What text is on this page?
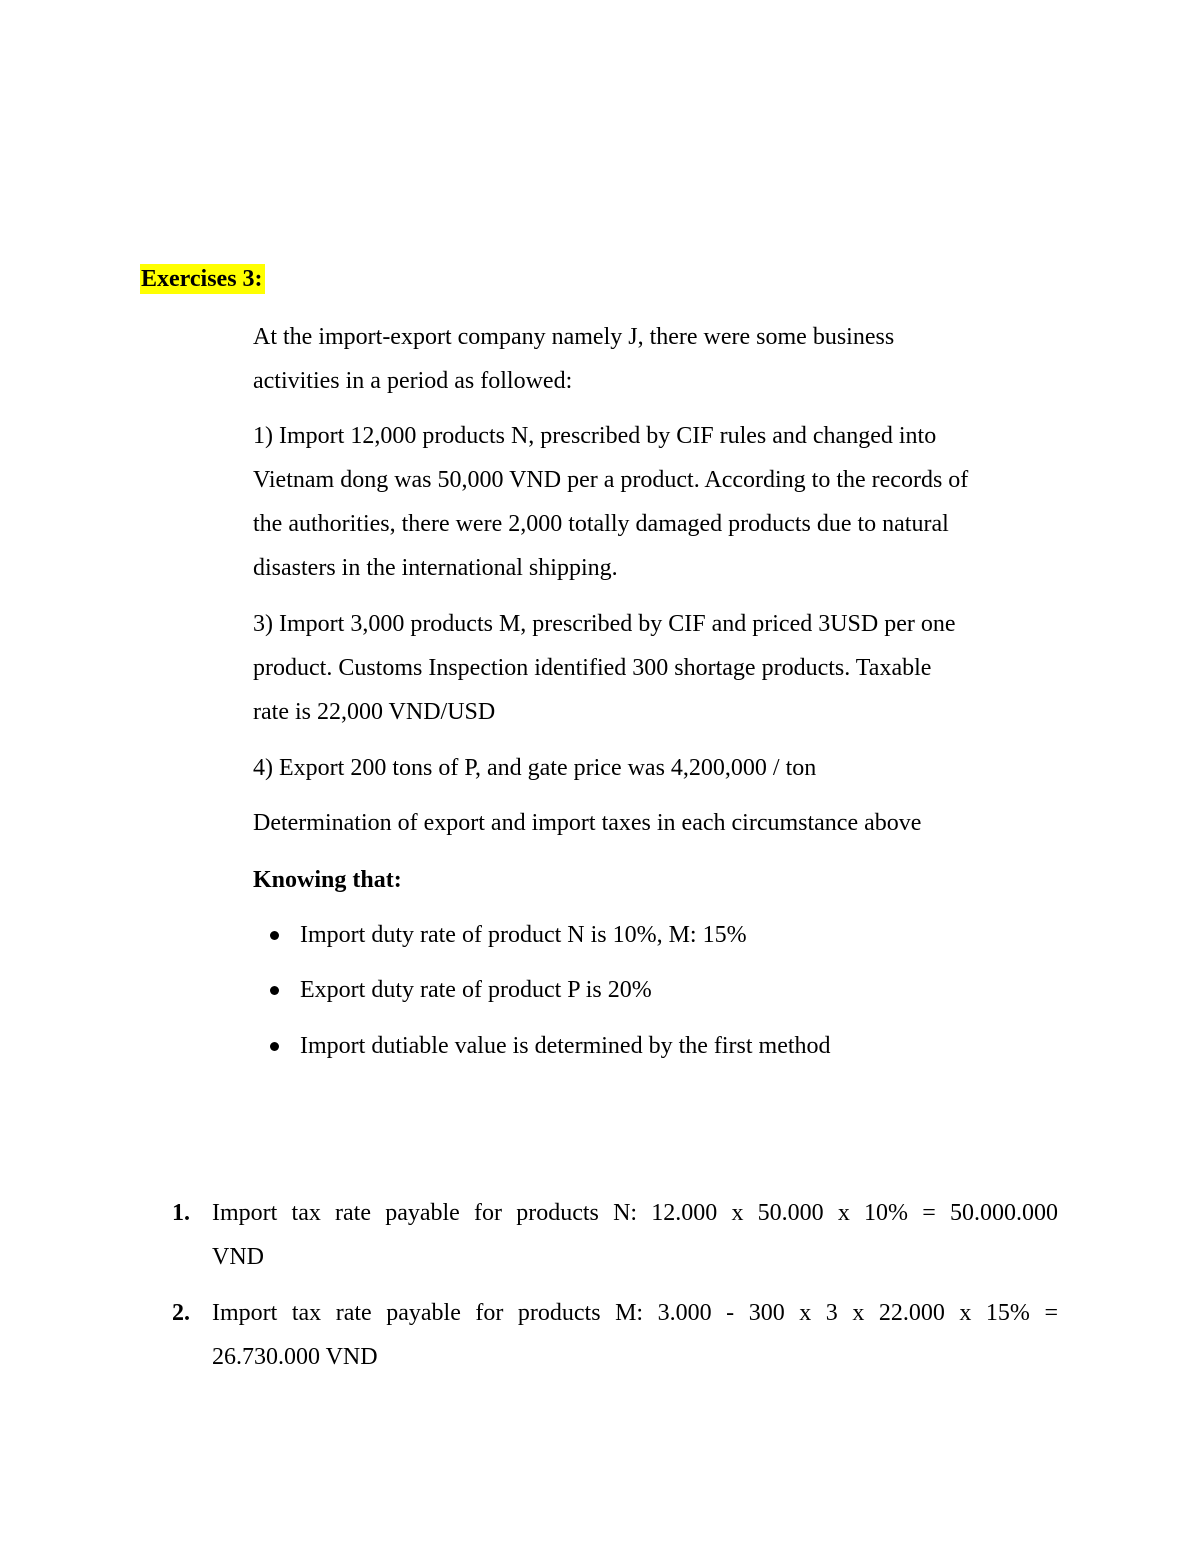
Exercises 3:
At the import-export company namely J, there were some business
activities in a period as followed:
1) Import 12,000 products N, prescribed by CIF rules and changed into
Vietnam dong was 50,000 VND per a product. According to the records of
the authorities, there were 2,000 totally damaged products due to natural
disasters in the international shipping.
3) Import 3,000 products M, prescribed by CIF and priced 3USD per one
product. Customs Inspection identified 300 shortage products. Taxable
rate is 22,000 VND/USD
4) Export 200 tons of P, and gate price was 4,200,000 / ton
Determination of export and import taxes in each circumstance above
Knowing that:
Import duty rate of product N is 10%, M: 15%
Export duty rate of product P is 20%
Import dutiable value is determined by the first method
1. Import tax rate payable for products N: 12.000 x 50.000 x 10% = 50.000.000
VND
2. Import tax rate payable for products M: 3.000 - 300 x 3 x 22.000 x 15% =
26.730.000 VND
